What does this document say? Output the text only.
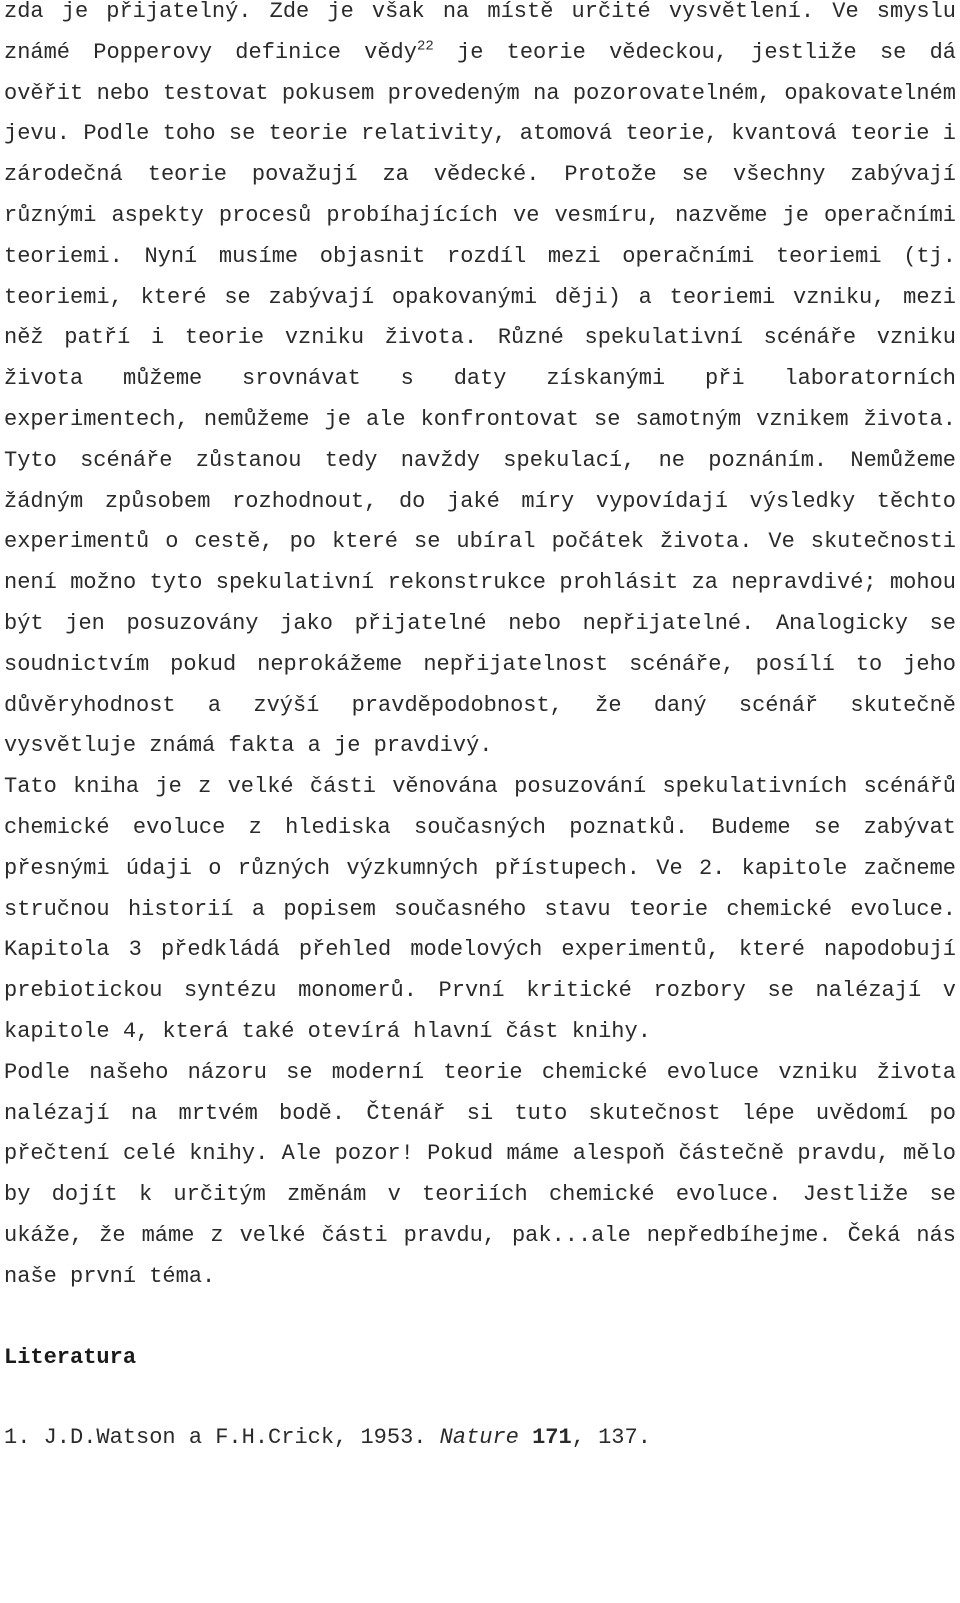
zda je přijatelný. Zde je však na místě určité vysvětlení. Ve smyslu známé Popperovy definice vědy$^{22}$ je teorie vědeckou, jestliže se dá ověřit nebo testovat pokusem provedeným na pozorovatelném, opakovatelném jevu. Podle toho se teorie relativity, atomová teorie, kvantová teorie i zárodečná teorie považují za vědecké. Protože se všechny zabývají různými aspekty procesů probíhajících ve vesmíru, nazvěme je operačními teoriemi. Nyní musíme objasnit rozdíl mezi operačními teoriemi (tj. teoriemi, které se zabývají opakovanými ději) a teoriemi vzniku, mezi něž patří i teorie vzniku života. Různé spekulativní scénáře vzniku života můžeme srovnávat s daty získanými při laboratorních experimentech, nemůžeme je ale konfrontovat se samotným vznikem života. Tyto scénáře zůstanou tedy navždy spekulací, ne poznáním. Nemůžeme žádným způsobem rozhodnout, do jaké míry vypovídají výsledky těchto experimentů o cestě, po které se ubíral počátek života. Ve skutečnosti není možno tyto spekulativní rekonstrukce prohlásit za nepravdivé; mohou být jen posuzovány jako přijatelné nebo nepřijatelné. Analogicky se soudnictvím pokud neprokážeme nepřijatelnost scénáře, posílí to jeho důvěryhodnost a zvýší pravděpodobnost, že daný scénář skutečně vysvětluje známá fakta a je pravdivý.

Tato kniha je z velké části věnována posuzování spekulativních scénářů chemické evoluce z hlediska současných poznatků. Budeme se zabývat přesnými údaji o různých výzkumných přístupech. Ve 2. kapitole začneme stručnou historií a popisem současného stavu teorie chemické evoluce. Kapitola 3 předkládá přehled modelových experimentů, které napodobují prebiotickou syntézu monomerů. První kritické rozbory se nalézají v kapitole 4, která také otevírá hlavní část knihy.

Podle našeho názoru se moderní teorie chemické evoluce vzniku života nalézají na mrtvém bodě. Čtenář si tuto skutečnost lépe uvědomí po přečtení celé knihy. Ale pozor! Pokud máme alespoň částečně pravdu, mělo by dojít k určitým změnám v teoriích chemické evoluce. Jestliže se ukáže, že máme z velké části pravdu, pak...ale nepředbíhejme. Čeká nás naše první téma.

Literatura
1. J.D.Watson a F.H.Crick, 1953. Nature 171, 137.
